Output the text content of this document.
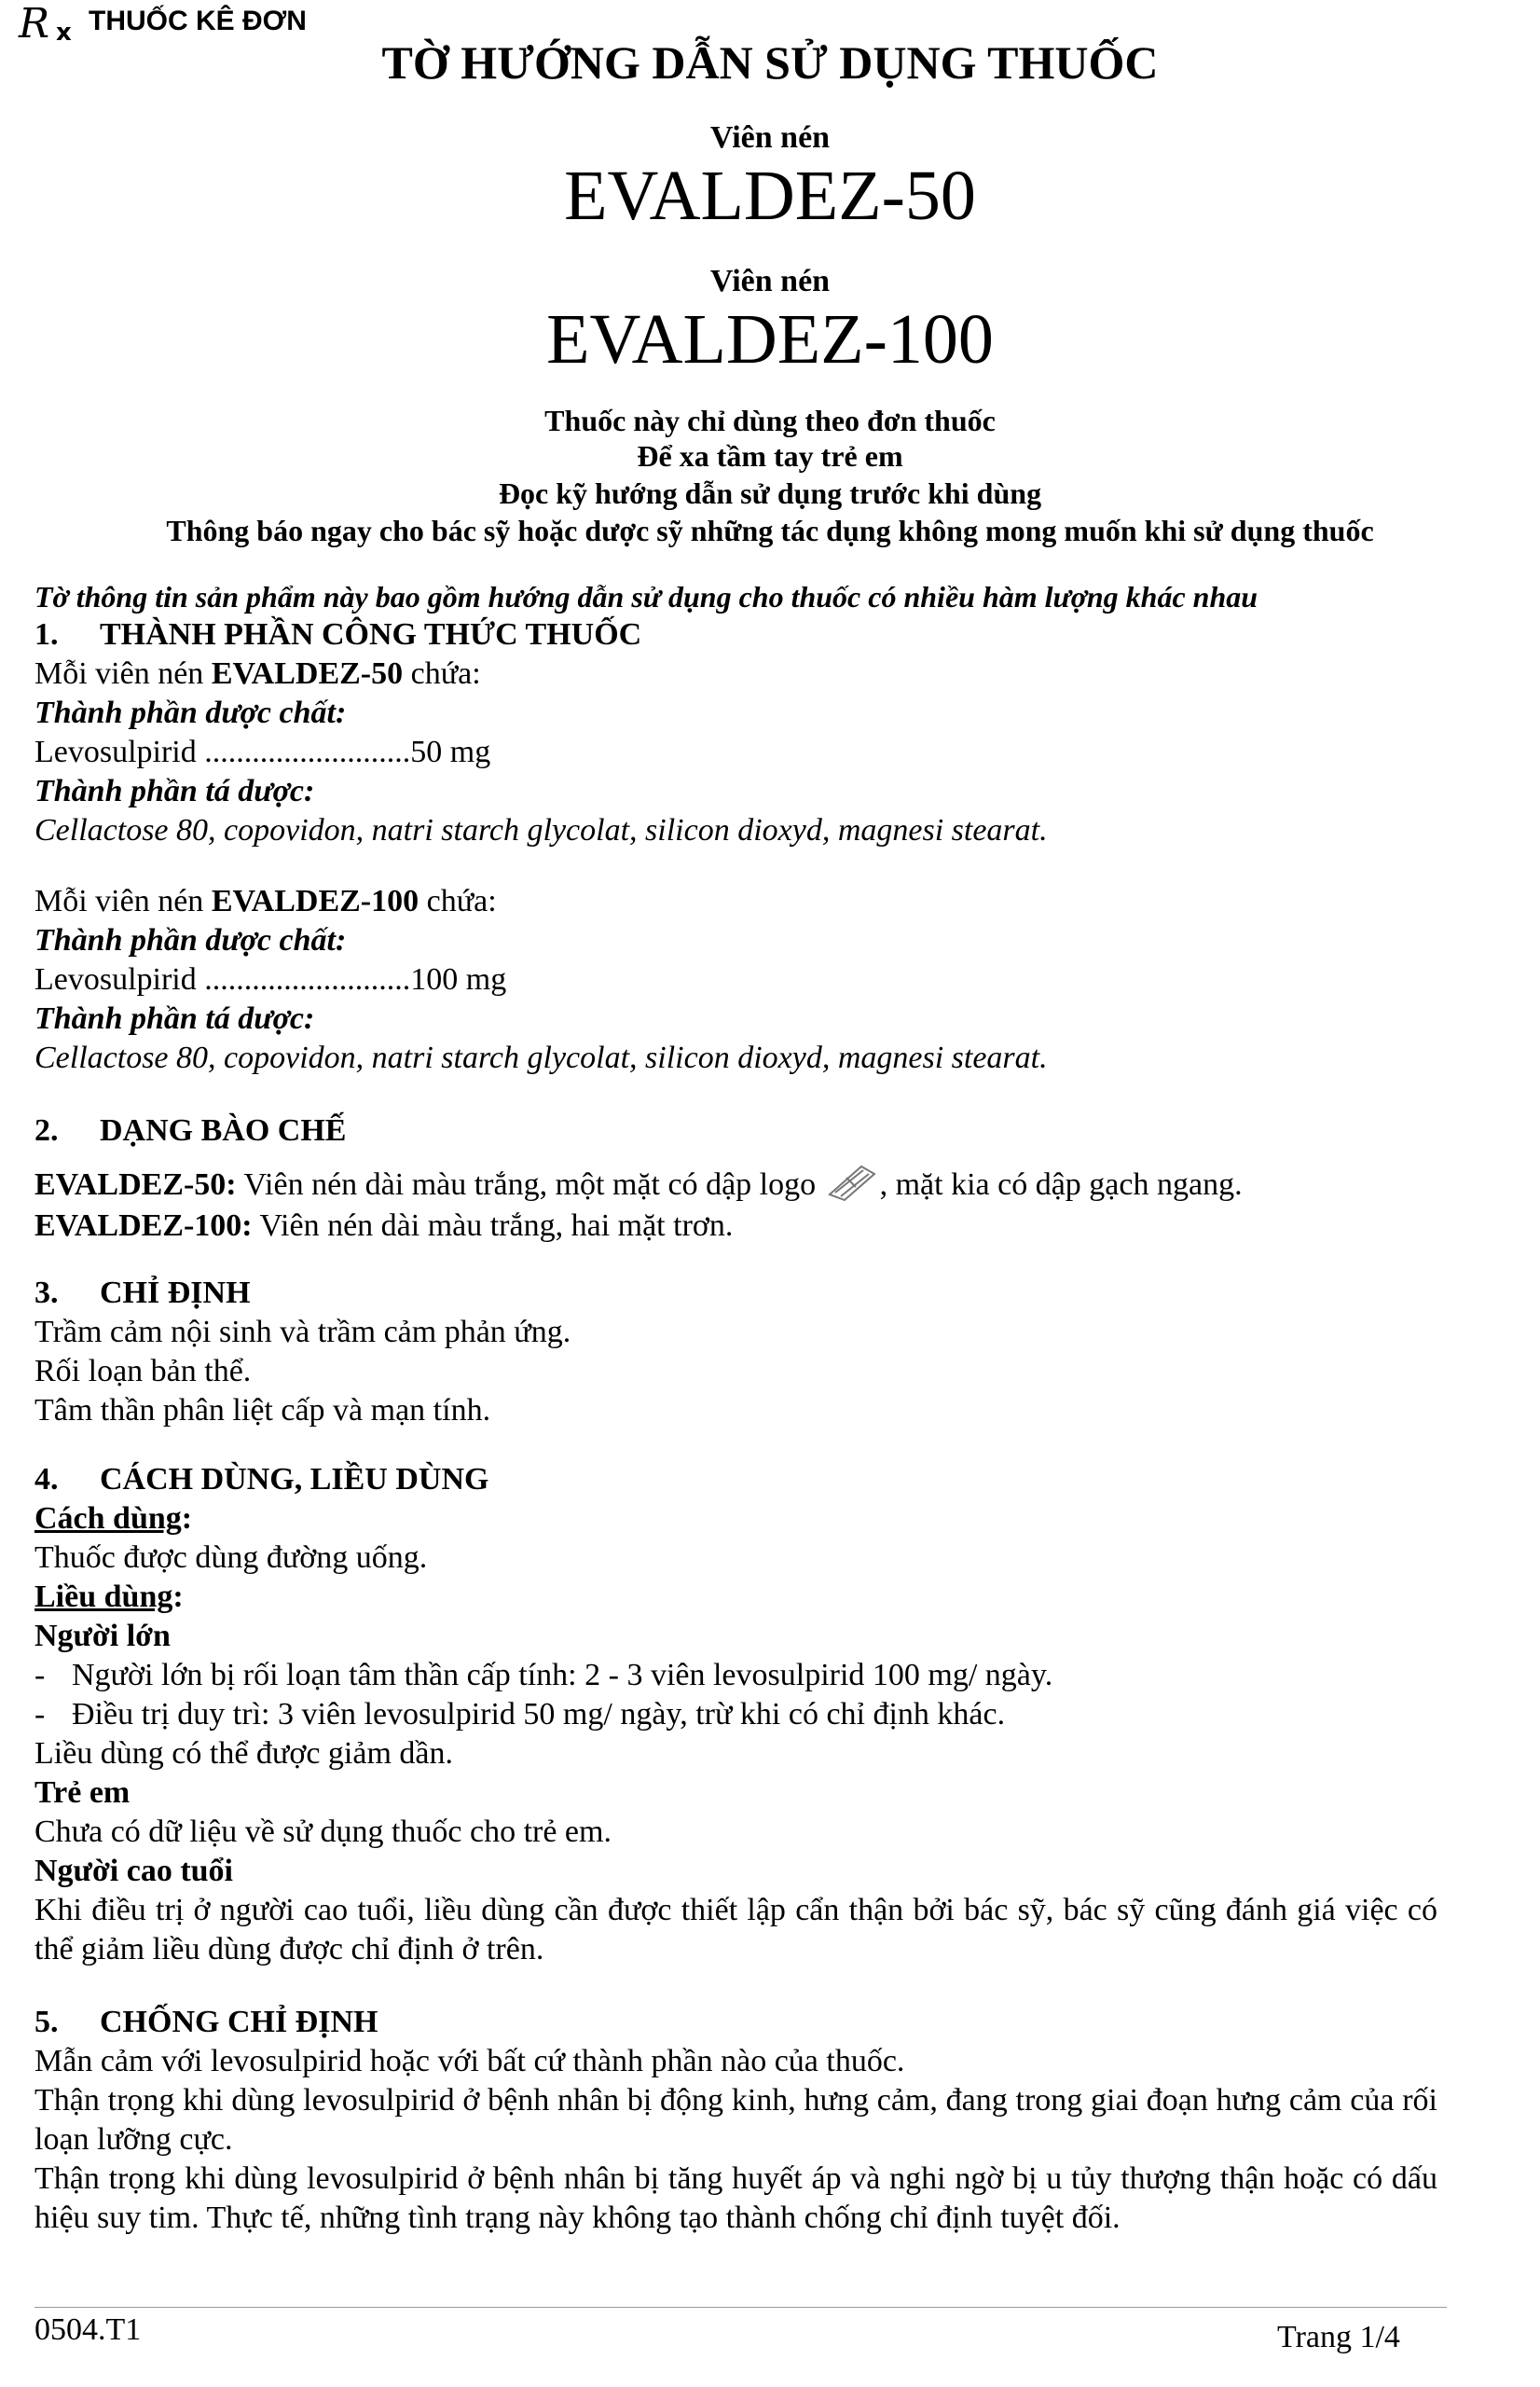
R x THUỐC KÊ ĐƠN
TỜ HƯỚNG DẪN SỬ DỤNG THUỐC
Viên nén
EVALDEZ-50
Viên nén
EVALDEZ-100
Thuốc này chỉ dùng theo đơn thuốc
Để xa tầm tay trẻ em
Đọc kỹ hướng dẫn sử dụng trước khi dùng
Thông báo ngay cho bác sỹ hoặc dược sỹ những tác dụng không mong muốn khi sử dụng thuốc
Tờ thông tin sản phẩm này bao gồm hướng dẫn sử dụng cho thuốc có nhiều hàm lượng khác nhau
1. THÀNH PHẦN CÔNG THỨC THUỐC
Mỗi viên nén EVALDEZ-50 chứa:
Thành phần dược chất:
Levosulpirid ..........................50 mg
Thành phần tá dược:
Cellactose 80, copovidon, natri starch glycolat, silicon dioxyd, magnesi stearat.
Mỗi viên nén EVALDEZ-100 chứa:
Thành phần dược chất:
Levosulpirid ..........................100 mg
Thành phần tá dược:
Cellactose 80, copovidon, natri starch glycolat, silicon dioxyd, magnesi stearat.
2. DẠNG BÀO CHẾ
EVALDEZ-50: Viên nén dài màu trắng, một mặt có dập logo , mặt kia có dập gạch ngang.
EVALDEZ-100: Viên nén dài màu trắng, hai mặt trơn.
3. CHỈ ĐỊNH
Trầm cảm nội sinh và trầm cảm phản ứng.
Rối loạn bản thể.
Tâm thần phân liệt cấp và mạn tính.
4. CÁCH DÙNG, LIỀU DÙNG
Cách dùng:
Thuốc được dùng đường uống.
Liều dùng:
Người lớn
- Người lớn bị rối loạn tâm thần cấp tính: 2 - 3 viên levosulpirid 100 mg/ ngày.
- Điều trị duy trì: 3 viên levosulpirid 50 mg/ ngày, trừ khi có chỉ định khác.
Liều dùng có thể được giảm dần.
Trẻ em
Chưa có dữ liệu về sử dụng thuốc cho trẻ em.
Người cao tuổi
Khi điều trị ở người cao tuổi, liều dùng cần được thiết lập cẩn thận bởi bác sỹ, bác sỹ cũng đánh giá việc có thể giảm liều dùng được chỉ định ở trên.
5. CHỐNG CHỈ ĐỊNH
Mẫn cảm với levosulpirid hoặc với bất cứ thành phần nào của thuốc.
Thận trọng khi dùng levosulpirid ở bệnh nhân bị động kinh, hưng cảm, đang trong giai đoạn hưng cảm của rối loạn lưỡng cực.
Thận trọng khi dùng levosulpirid ở bệnh nhân bị tăng huyết áp và nghi ngờ bị u tủy thượng thận hoặc có dấu hiệu suy tim. Thực tế, những tình trạng này không tạo thành chống chỉ định tuyệt đối.
0504.T1	Trang 1/4
